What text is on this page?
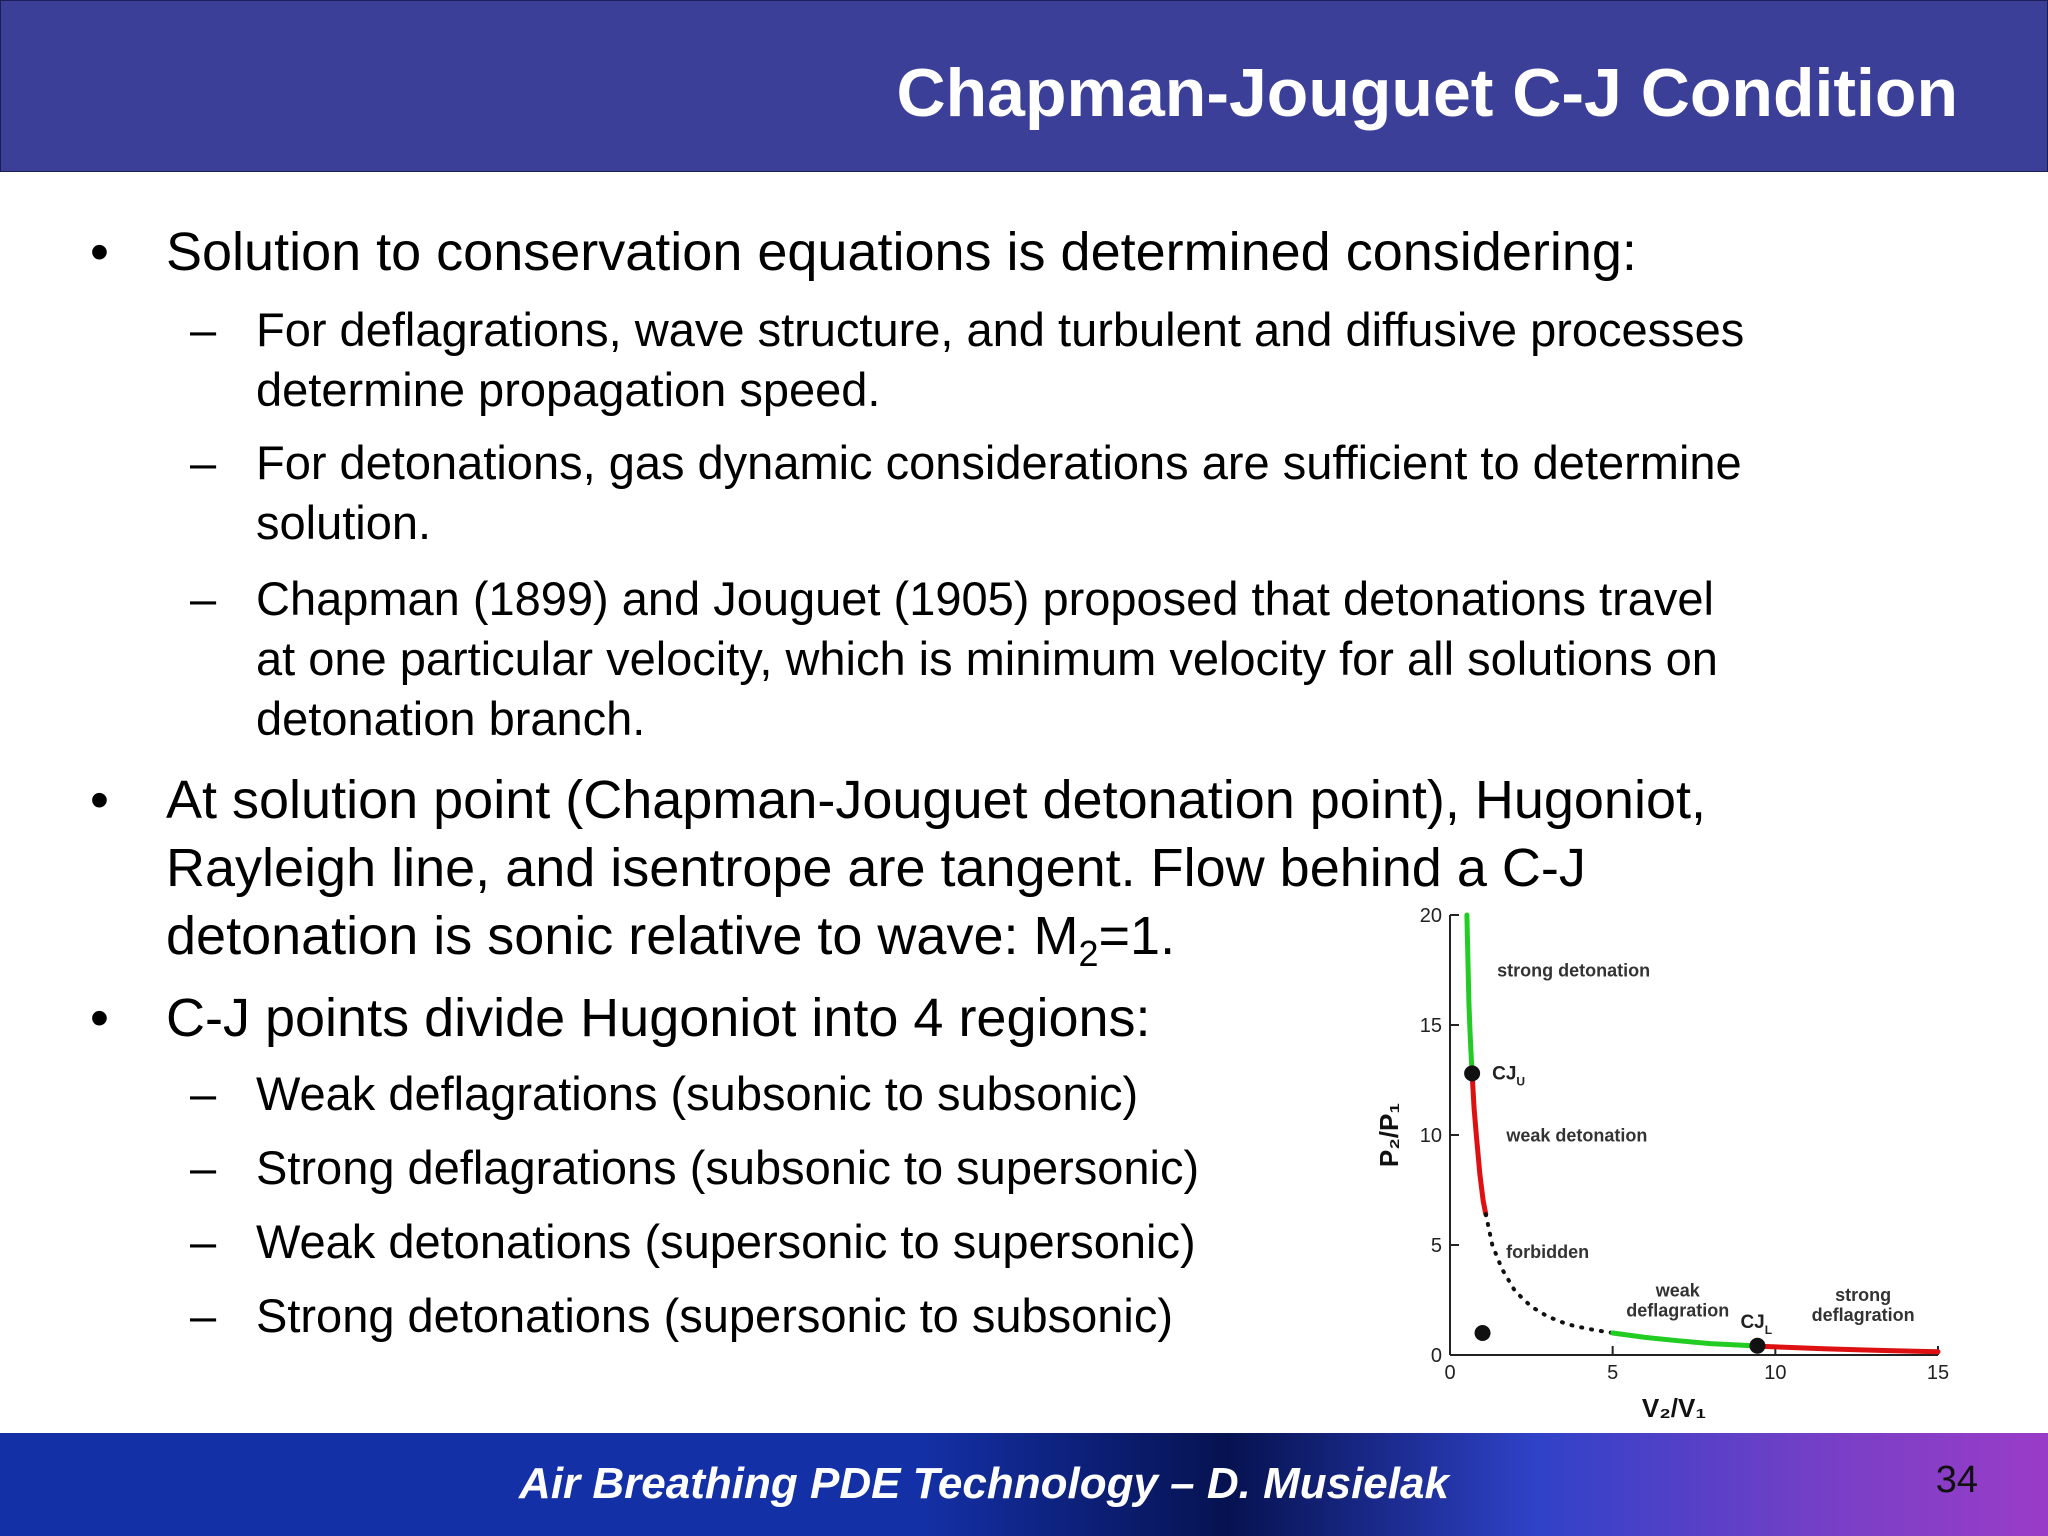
Chapman-Jouguet C-J Condition
• Solution to conservation equations is determined considering:
– For deflagrations, wave structure, and turbulent and diffusive processes
determine propagation speed.
– For detonations, gas dynamic considerations are sufficient to determine
solution.
– Chapman (1899) and Jouguet (1905) proposed that detonations travel
at one particular velocity, which is minimum velocity for all solutions on
detonation branch.
• At solution point (Chapman-Jouguet detonation point), Hugoniot,
Rayleigh line, and isentrope are tangent. Flow behind a C-J
detonation is sonic relative to wave: $M_2=1$.
• C-J points divide Hugoniot into 4 regions:
– Weak deflagrations (subsonic to subsonic)
– Strong deflagrations (subsonic to supersonic)
– Weak detonations (supersonic to supersonic)
– Strong detonations (supersonic to subsonic)
0
5
10
15
20
0	5	10	15
V₂/V₁
P₂/P₁
$CJ_U$
$CJ_L$
strong detonation
weak detonation
forbidden
weak
deflagration
strong
deflagration
Air Breathing PDE Technology – D. Musielak	34
